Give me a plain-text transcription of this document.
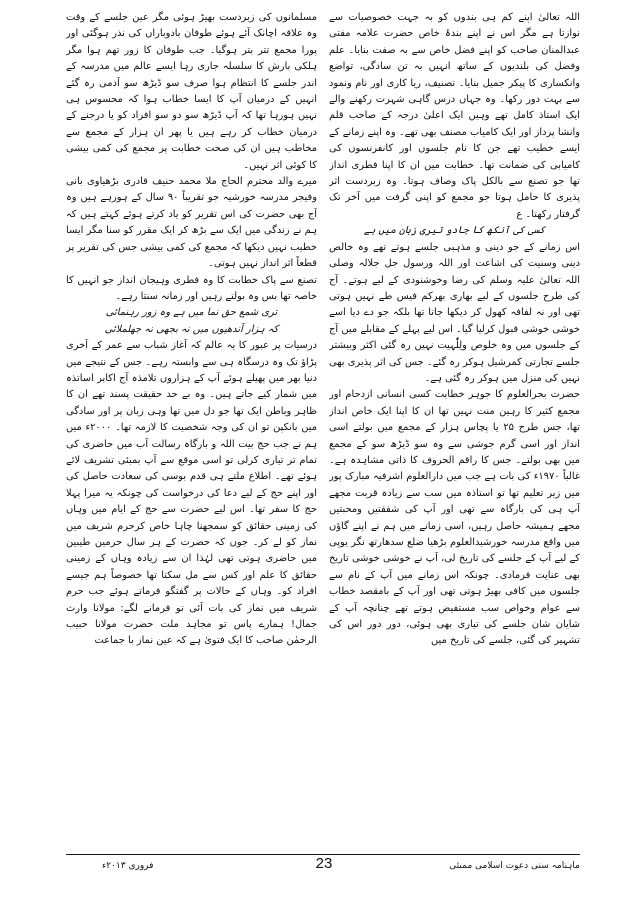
اللہ تعالیٰ اپنے کم ہی بندوں کو بہ جہت خصوصیات سے نوازتا ہے مگر اس نے اپنے بندۂ خاص حضرت علامہ مفتی عبدالمنان صاحب کو اپنے فضل خاص سے بہ صفت بنایا۔ علم وفضل کی بلندیوں کے ساتھ انہیں بہ تن سادگی، تواضع وانکساری کا پیکر جمیل بنایا۔ تصنیف، ریا کاری اور نام ونمود سے بہت دور رکھا۔ وہ جہاں درس گاہی شہرت رکھنے والے ایک استاذ کامل تھے وہیں ایک اعلیٰ درجہ کے صاحب قلم وانشا پرداز اور ایک کامیاب مصنف بھی تھے۔ وہ اپنے زمانے کے ایسے خطیب تھے جن کا نام جلسوں اور کانفرنسوں کی کامیابی کی ضمانت تھا۔ خطابت میں ان کا اپنا فطری انداز تھا جو تصنع سے بالکل پاک وصاف ہوتا۔ وہ زبردست اثر پذیری کا حامل ہوتا جو مجمع کو اپنی گرفت میں آخر تک گرفتار رکھتا۔ ع

کسی کی آنکھ کا جادو تیری زبان میں ہے

اس زمانے کے جو دینی و مذہبی جلسے ہوتے تھے وہ خالص دینی وسنیت کی اشاعت اور اللہ ورسول جل جلالہ وصلی اللہ تعالیٰ علیہ وسلم کی رضا وخوشنودی کے لیے ہوتے۔ آج کی طرح جلسوں کے لیے بھاری بھرکم فیس طے نہیں ہوتی تھی اور نہ لفافہ کھول کر دیکھا جاتا تھا بلکہ جو دے دیا اسے خوشی خوشی قبول کرلیا گیا۔ اس لیے پہلے کے مقابلے میں آج کے جلسوں میں وہ خلوص ولِلّٰہیت نہیں رہ گئی اکثر وبیشتر جلسے تجارتی کمرشیل ہوکر رہ گئے۔ جس کی اثر پذیری بھی نہیں کی منزل میں ہوکر رہ گئی ہے۔

حضرت بحرالعلوم کا جوہر خطابت کسی انسانی ازدحام اور مجمع کثیر کا رہین منت نہیں تھا ان کا اپنا ایک خاص انداز تھا، جس طرح ۲۵ یا پچاس ہزار کے مجمع میں بولتے اسی انداز اور اسی گرم جوشی سے وہ سو ڈیڑھ سو کے مجمع میں بھی بولتے۔ جس کا راقم الحروف کا ذاتی مشاہدہ ہے۔ غالباً ۱۹۷۰ء کی بات ہے جب میں دارالعلوم اشرفیہ مبارک پور میں زیر تعلیم تھا تو استاذہ میں سب سے زیادہ قربت مجھے آپ ہی کی بارگاہ سے تھی اور آپ کی شفقتیں ومحبتیں مجھے ہمیشہ حاصل رہیں، اسی زمانے میں ہم نے اپنے گاؤں میں واقع مدرسہ خورشیدالعلوم بڑھیا ضلع سدھارتھ نگر یوپی کے لیے آپ کے جلسے کی تاریخ لی، آپ نے خوشی خوشی تاریخ بھی عنایت فرمادی۔ چونکہ اس زمانے میں آپ کے نام سے جلسوں میں کافی بھیڑ ہوتی تھی اور آپ کے بامقصد خطاب سے عوام وخواص سب مستفیض ہوتے تھے چنانچہ آپ کے شایان شان جلسے کی تیاری بھی ہوئی، دور دور اس کی تشہیر کی گئی، جلسے کی تاریخ میں

مسلمانوں کی زبردست بھیڑ ہوئی مگر عین جلسے کے وقت وہ علاقہ اچانک آئے ہوئے طوفان بادوباراں کی نذر ہوگئی اور پورا مجمع تتر بتر ہوگیا۔ جب طوفان کا زور تھم ہوا مگر ہلکی بارش کا سلسلہ جاری رہا ایسے عالم میں مدرسہ کے اندر جلسے کا انتظام ہوا صرف سو ڈیڑھ سو آدمی رہ گئے انہیں کے درمیان آپ کا ایسا خطاب ہوا کہ محسوس ہی نہیں ہورہا تھا کہ آپ ڈیڑھ سو دو سو افراد کو یا درجنے کے درمیان خطاب کر رہے ہیں یا پھر ان ہزار کے مجمع سے مخاطب ہیں ان کی صحت خطابت پر مجمع کی کمی بیشی کا کوئی اثر نہیں۔

میرے والد محترم الحاج ملا محمد حنیف قادری بڑھیاوی بانی وفیجر مدرسہ خورشیہ جو تقریباً ۹۰ سال کے ہورہے ہیں وہ آج بھی حضرت کی اس تقریر کو یاد کرتے ہوئے کہتے ہیں کہ ہم نے زندگی میں ایک سے بڑھ کر ایک مقرر کو سنا مگر ایسا خطیب نہیں دیکھا کہ مجمع کی کمی بیشی جس کی تقریر پر قطعاً اثر انداز نہیں ہوتی۔

تصنع سے پاک خطابت کا وہ فطری وہیجان انداز جو انہیں کا خاصہ تھا بس وہ بولتے رہیں اور زمانہ سنتا رہے۔

تری شمع حق نما میں ہے وہ زور رہنمائی

کہ ہزار آندھیوں میں نہ بجھی نہ جھلملائی

درسیات پر عبور کا یہ عالم کہ آغاز شباب سے عمر کے آخری پڑاؤ تک وہ درسگاہ ہی سے وابستہ رہے۔ جس کے نتیجے میں دنیا بھر میں پھیلے ہوئے آپ کے ہزاروں تلامذہ آج اکابر اساتذہ میں شمار کیے جاتے ہیں۔ وہ بے حد حقیقت پسند تھے ان کا ظاہر وباطن ایک تھا جو دل میں تھا وہی زبان پر اور سادگی میں بانکپن تو ان کی وجہ شخصیت کا لازمہ تھا۔ ۲۰۰۰ء میں ہم نے جب حج بیت اللہ و بارگاہ رسالت آب میں حاضری کی تمام تر تیاری کرلی تو اسی موقع سے آپ بمبئی تشریف لائے ہوئے تھے۔ اطلاع ملتے ہی قدم بوسی کی سعادت حاصل کی اور اپنے حج کے لیے دعا کی درخواست کی چونکہ یہ میرا پہلا حج کا سفر تھا۔ اس لیے حضرت سے حج کے ایام میں وہاں کی زمینی حقائق کو سمجھنا چاہا خاص کرحرم شریف میں نماز کو لے کر۔ جوں کہ حضرت کے ہر سال حرمین طیبین میں حاضری ہوتی تھی لہٰذا ان سے زیادہ وہاں کے زمینی حقائق کا علم اور کس سے مل سکتا تھا خصوصاً ہم جیسے افراد کو۔ وہاں کے حالات پر گفتگو فرماتے ہوئے جب حرم شریف میں نماز کی بات آئی تو فرمانے لگے: مولانا وارث جمال! ہمارے پاس تو مجاہد ملت حضرت مولانا حبیب الرحمٰن صاحب کا ایک فتویٰ ہے کہ عین نماز با جماعت

ماہنامہ سنی دعوت اسلامی ممبئی
23
فروری ۲۰۱۳ء
